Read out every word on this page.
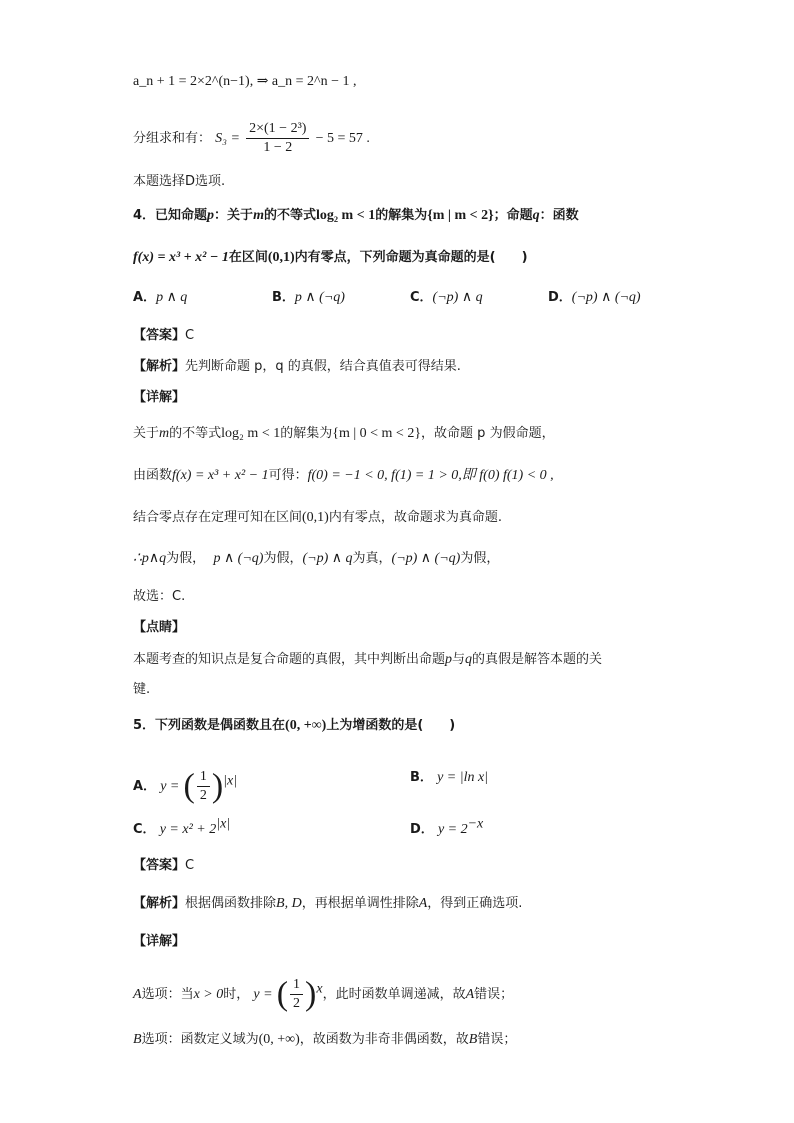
a_n + 1 = 2×2^(n−1), ⇒ a_n = 2^n − 1 ,
分组求和有： $S_3 = \frac{\text{2×(1 − 2³)}}{1 - 2} - 5 = 57$ .
本题选择D选项.
4．已知命题p：关于m的不等式log₂ m < 1的解集为{m | m < 2}；命题q：函数
f(x) = x³ + x² − 1在区间(0,1)内有零点，下列命题为真命题的是(　　)
A．p ∧ q	B．p ∧ (¬q)	C．(¬p) ∧ q	D．(¬p) ∧ (¬q)
【答案】C
【解析】先判断命题 p，q 的真假，结合真值表可得结果.
【详解】
关于m的不等式log₂ m < 1的解集为{m | 0 < m < 2}，故命题 p 为假命题，
由函数f(x) = x³ + x² − 1可得：f(0) = −1 < 0, f(1) = 1 > 0,即 f(0) f(1) < 0 ,
结合零点存在定理可知在区间(0,1)内有零点，故命题求为真命题.
∴p∧q为假， p ∧ (¬q)为假，(¬p) ∧ q为真，(¬p) ∧ (¬q)为假，
故选：C.
【点睛】
本题考查的知识点是复合命题的真假，其中判断出命题p与q的真假是解答本题的关
键.
5．下列函数是偶函数且在(0, +∞)上为增函数的是(　　)
A． y = ( $\frac{1}{2} )^{|x|}$	B． y = |ln x|
C． $y = x^2 + 2^{|x|}$	D． $y = 2^{-x}$
【答案】C
【解析】根据偶函数排除B, D，再根据单调性排除A，得到正确选项.
【详解】
A选项：当x > 0时， y = ( $\frac{1}{2} )^x$，此时函数单调递减，故A错误；
B选项：函数定义域为(0, +∞)，故函数为非奇非偶函数，故B错误；
